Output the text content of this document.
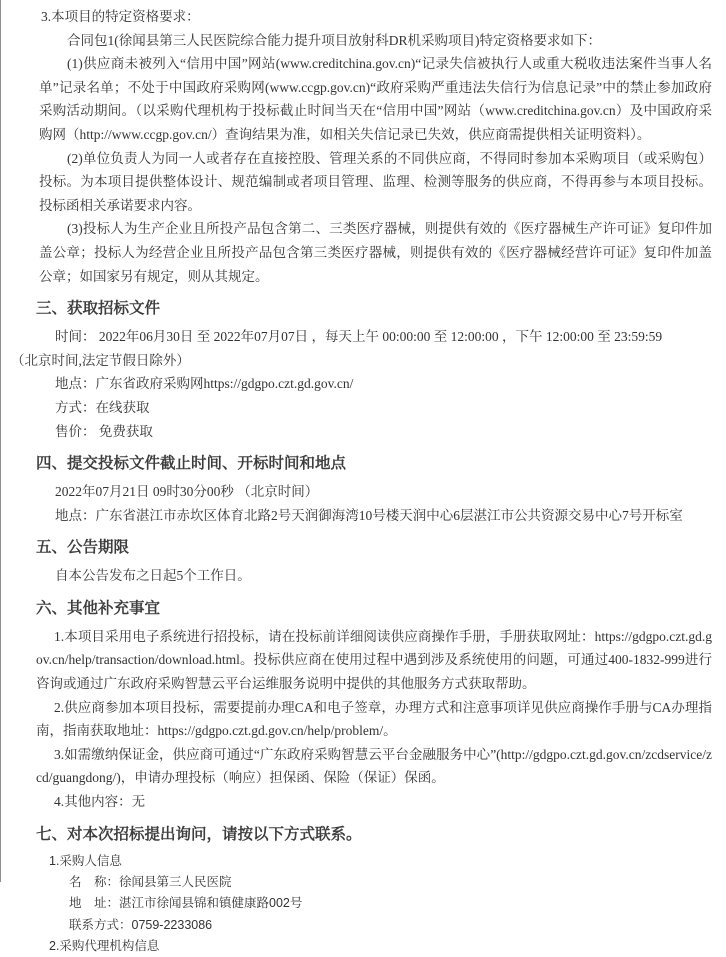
3.本项目的特定资格要求：

合同包1(徐闻县第三人民医院综合能力提升项目放射科DR机采购项目)特定资格要求如下：

(1)供应商未被列入“信用中国”网站(www.creditchina.gov.cn)“记录失信被执行人或重大税收违法案件当事人名单”记录名单；不处于中国政府采购网(www.ccgp.gov.cn)“政府采购严重违法失信行为信息记录”中的禁止参加政府采购活动期间。（以采购代理机构于投标截止时间当天在“信用中国”网站（www.creditchina.gov.cn）及中国政府采购网（http://www.ccgp.gov.cn/）查询结果为准，如相关失信记录已失效，供应商需提供相关证明资料）。

(2)单位负责人为同一人或者存在直接控股、管理关系的不同供应商，不得同时参加本采购项目（或采购包）投标。为本项目提供整体设计、规范编制或者项目管理、监理、检测等服务的供应商，不得再参与本项目投标。投标函相关承诺要求内容。

(3)投标人为生产企业且所投产品包含第二、三类医疗器械，则提供有效的《医疗器械生产许可证》复印件加盖公章；投标人为经营企业且所投产品包含第三类医疗器械，则提供有效的《医疗器械经营许可证》复印件加盖公章；如国家另有规定，则从其规定。

三、获取招标文件

时间： 2022年06月30日 至 2022年07月07日 ，每天上午 00:00:00 至 12:00:00 ，下午 12:00:00 至 23:59:59

（北京时间,法定节假日除外）

地点：广东省政府采购网https://gdgpo.czt.gd.gov.cn/

方式：在线获取

售价： 免费获取

四、提交投标文件截止时间、开标时间和地点

2022年07月21日 09时30分00秒 （北京时间）

地点：广东省湛江市赤坎区体育北路2号天润御海湾10号楼天润中心6层湛江市公共资源交易中心7号开标室

五、公告期限

自本公告发布之日起5个工作日。

六、其他补充事宜

1.本项目采用电子系统进行招投标，请在投标前详细阅读供应商操作手册，手册获取网址：https://gdgpo.czt.gd.gov.cn/help/transaction/download.html。投标供应商在使用过程中遇到涉及系统使用的问题，可通过400-1832-999进行咨询或通过广东政府采购智慧云平台运维服务说明中提供的其他服务方式获取帮助。

2.供应商参加本项目投标，需要提前办理CA和电子签章，办理方式和注意事项详见供应商操作手册与CA办理指南，指南获取地址：https://gdgpo.czt.gd.gov.cn/help/problem/。

3.如需缴纳保证金，供应商可通过“广东政府采购智慧云平台金融服务中心”(http://gdgpo.czt.gd.gov.cn/zcdservice/zcd/guangdong/)，申请办理投标（响应）担保函、保险（保证）保函。

4.其他内容：无

七、对本次招标提出询问，请按以下方式联系。

1.采购人信息

名　称：徐闻县第三人民医院

地　址：湛江市徐闻县锦和镇健康路002号

联系方式：0759-2233086

2.采购代理机构信息
